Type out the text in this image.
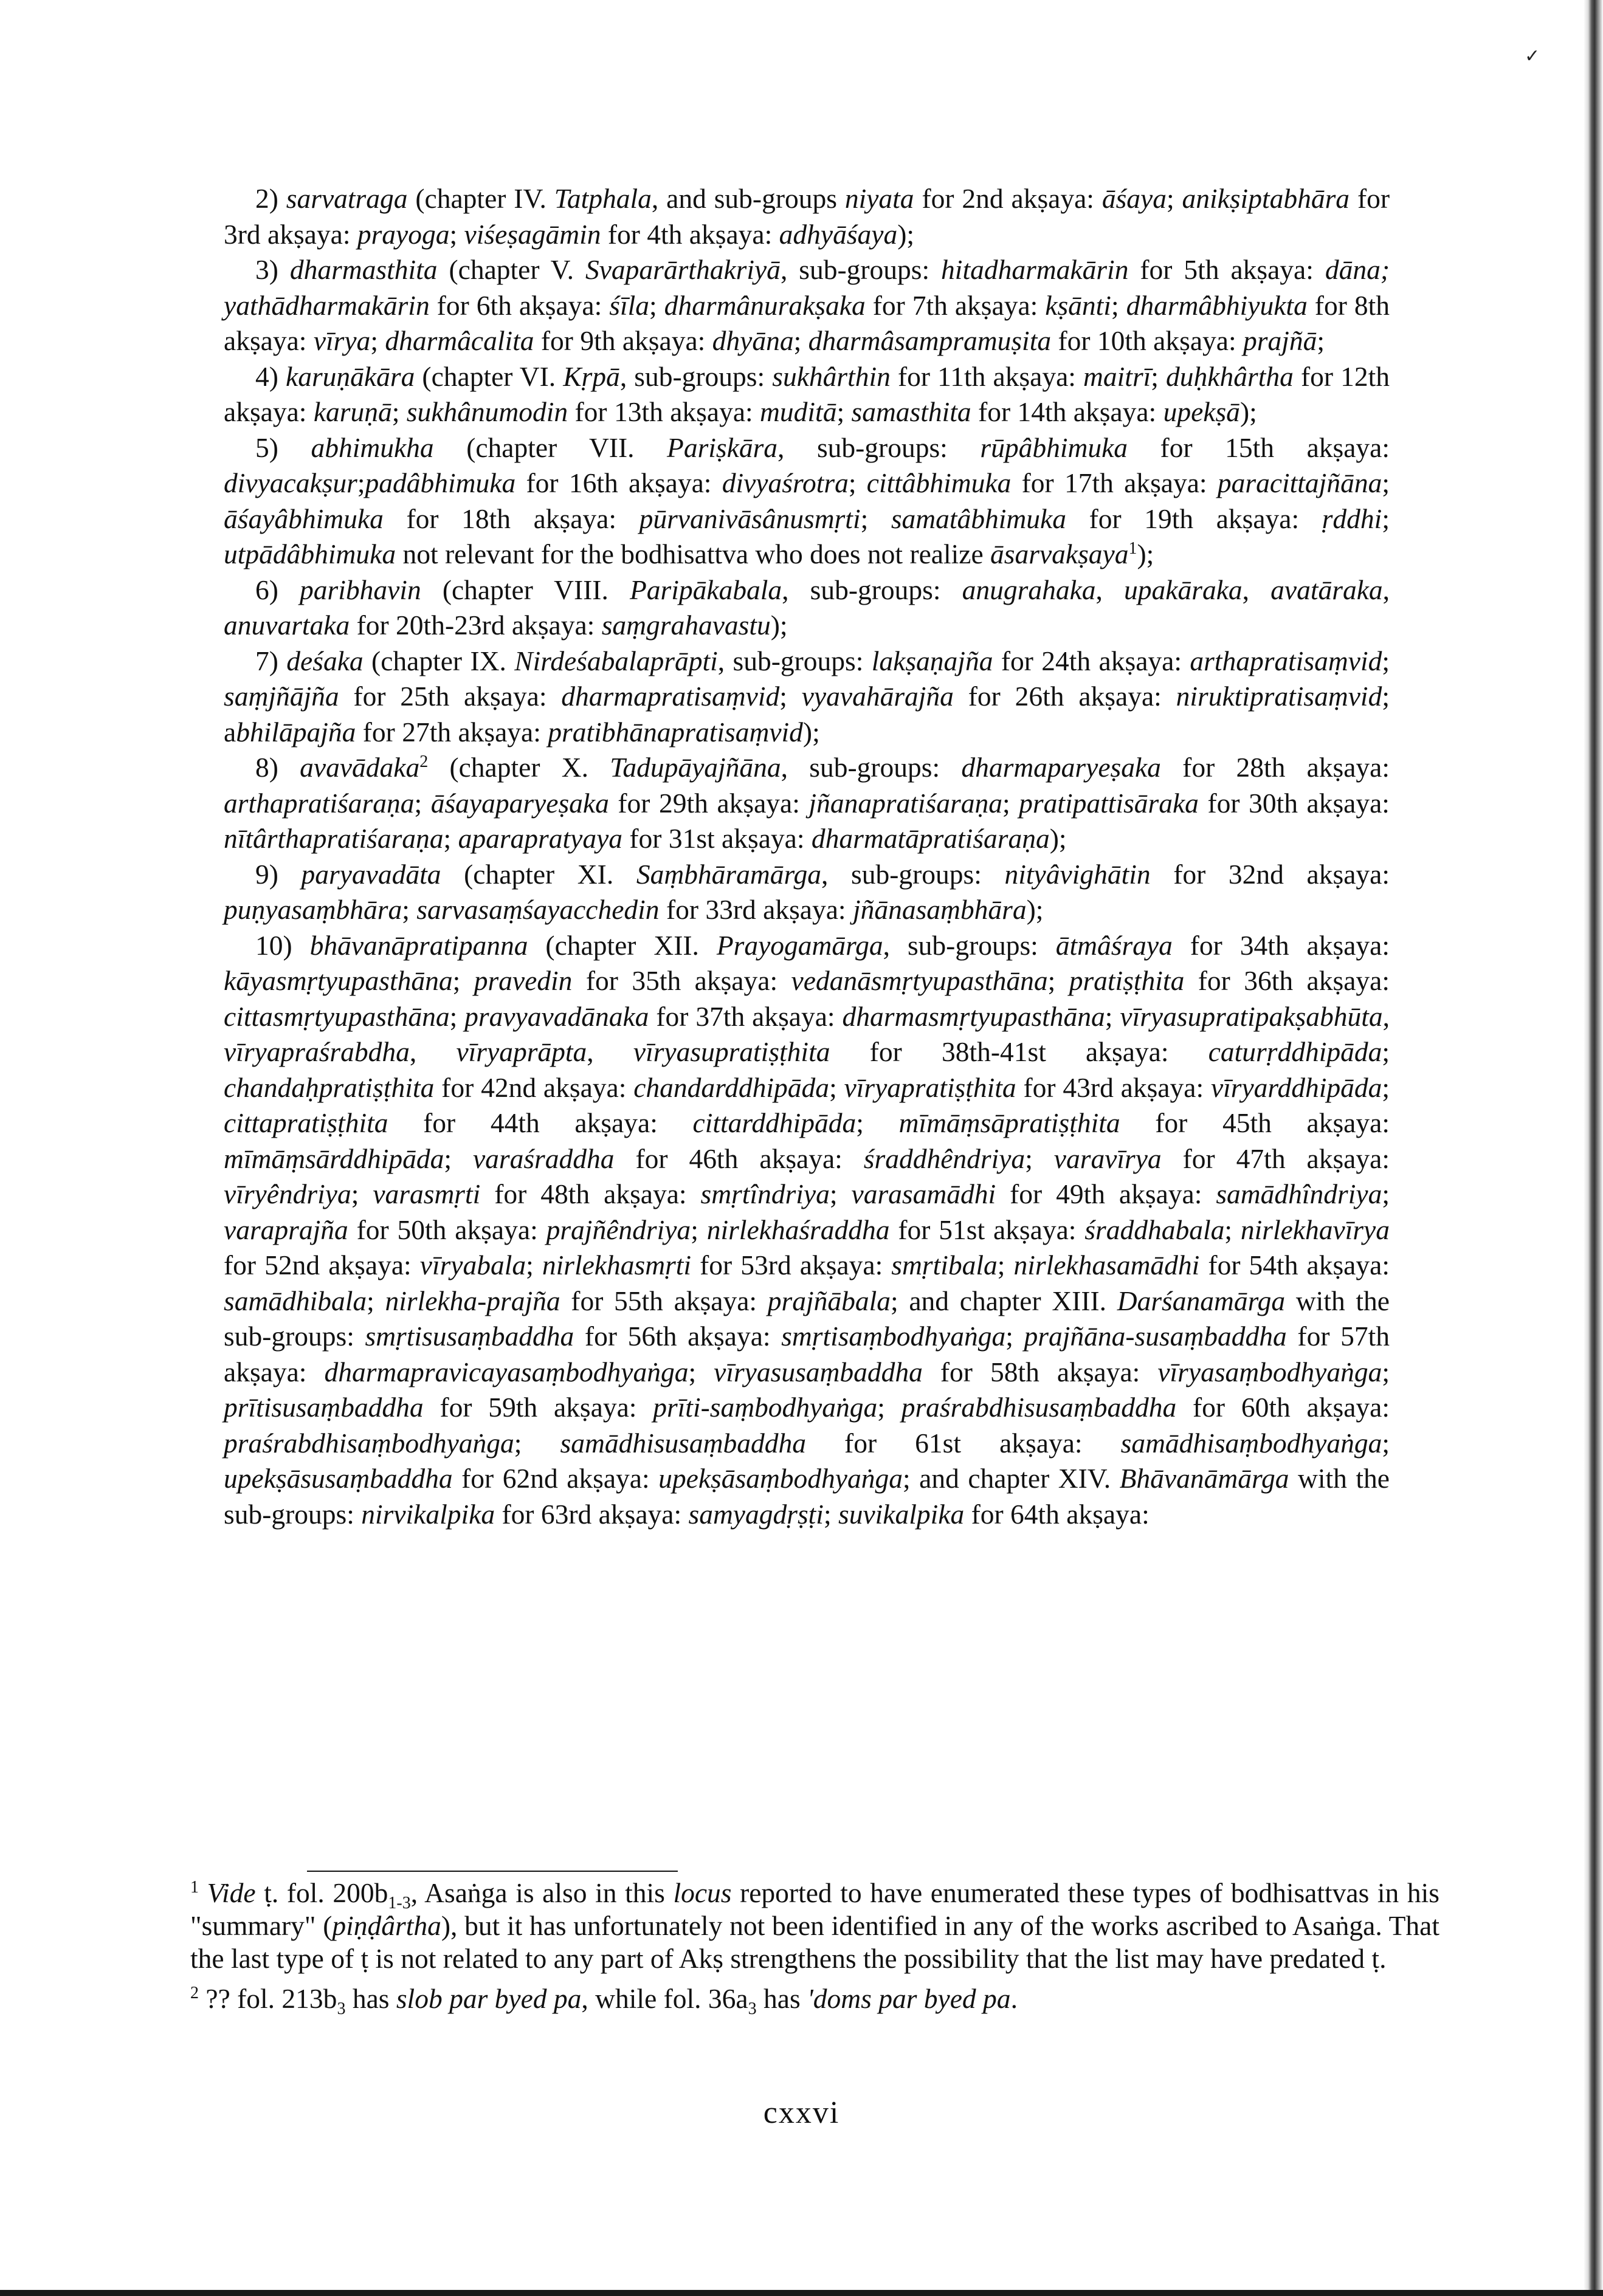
✓

2) sarvatraga (chapter IV. Tatphala, and sub-groups niyata for 2nd akṣaya: āśaya; anikṣiptabhāra for 3rd akṣaya: prayoga; viśeṣagāmin for 4th akṣaya: adhyāśaya);

3) dharmasthita (chapter V. Svaparārthakriyā, sub-groups: hitadharmakārin for 5th akṣaya: dāna; yathādharmakārin for 6th akṣaya: śīla; dharmânurakṣaka for 7th akṣaya: kṣānti; dharmâbhiyukta for 8th akṣaya: vīrya; dharmâcalita for 9th akṣaya: dhyāna; dharmâsampramuṣita for 10th akṣaya: prajñā;

4) karuṇākāra (chapter VI. Kṛpā, sub-groups: sukhârthin for 11th akṣaya: maitrī; duḥkhârtha for 12th akṣaya: karuṇā; sukhânumodin for 13th akṣaya: muditā; samasthita for 14th akṣaya: upekṣā);

5) abhimukha (chapter VII. Pariṣkāra, sub-groups: rūpâbhimuka for 15th akṣaya: divyacakṣur;padâbhimuka for 16th akṣaya: divyaśrotra; cittâbhimuka for 17th akṣaya: paracittajñāna; āśayâbhimuka for 18th akṣaya: pūrvanivāsânusmṛti; samatâbhimuka for 19th akṣaya: ṛddhi; utpādâbhimuka not relevant for the bodhisattva who does not realize āsarvakṣaya$^1$);

6) paribhavin (chapter VIII. Paripākabala, sub-groups: anugrahaka, upakāraka, avatāraka, anuvartaka for 20th-23rd akṣaya: saṃgrahavastu);

7) deśaka (chapter IX. Nirdeśabalaprāpti, sub-groups: lakṣaṇajña for 24th akṣaya: arthapratisaṃvid; saṃjñājña for 25th akṣaya: dharmapratisaṃvid; vyavahārajña for 26th akṣaya: niruktipratisaṃvid; abhilāpajña for 27th akṣaya: pratibhānapratisaṃvid);

8) avavādaka$^2$ (chapter X. Tadupāyajñāna, sub-groups: dharmaparyeṣaka for 28th akṣaya: arthapratiśaraṇa; āśayaparyeṣaka for 29th akṣaya: jñanapratiśaraṇa; pratipattisāraka for 30th akṣaya: nītârthapratiśaraṇa; aparapratyaya for 31st akṣaya: dharmatāpratiśaraṇa);

9) paryavadāta (chapter XI. Saṃbhāramārga, sub-groups: nityâvighātin for 32nd akṣaya: puṇyasaṃbhāra; sarvasaṃśayacchedin for 33rd akṣaya: jñānasaṃbhāra);

10) bhāvanāpratipanna (chapter XII. Prayogamārga, sub-groups: ātmâśraya for 34th akṣaya: kāyasmṛtyupasthāna; pravedin for 35th akṣaya: vedanāsmṛtyupasthāna; pratiṣṭhita for 36th akṣaya: cittasmṛtyupasthāna; pravyavadānaka for 37th akṣaya: dharmasmṛtyupasthāna; vīryasupratipakṣabhūta, vīryapraśrabdha, vīryaprāpta, vīryasupratiṣṭhita for 38th-41st akṣaya: caturṛddhipāda; chandaḥpratiṣṭhita for 42nd akṣaya: chandarddhipāda; vīryapratiṣṭhita for 43rd akṣaya: vīryarddhipāda; cittapratiṣṭhita for 44th akṣaya: cittarddhipāda; mīmāṃsāpratiṣṭhita for 45th akṣaya: mīmāṃsārddhipāda; varaśraddha for 46th akṣaya: śraddhêndriya; varavīrya for 47th akṣaya: vīryêndriya; varasmṛti for 48th akṣaya: smṛtîndriya; varasamādhi for 49th akṣaya: samādhîndriya; varaprajña for 50th akṣaya: prajñêndriya; nirlekhaśraddha for 51st akṣaya: śraddhabala; nirlekhavīrya for 52nd akṣaya: vīryabala; nirlekhasmṛti for 53rd akṣaya: smṛtibala; nirlekhasamādhi for 54th akṣaya: samādhibala; nirlekha-prajña for 55th akṣaya: prajñābala; and chapter XIII. Darśanamārga with the sub-groups: smṛtisusaṃbaddha for 56th akṣaya: smṛtisaṃbodhyaṅga; prajñāna-susaṃbaddha for 57th akṣaya: dharmapravicayasaṃbodhyaṅga; vīryasusaṃbaddha for 58th akṣaya: vīryasaṃbodhyaṅga; prītisusaṃbaddha for 59th akṣaya: prīti-saṃbodhyaṅga; praśrabdhisusaṃbaddha for 60th akṣaya: praśrabdhisaṃbodhyaṅga; samādhisusaṃbaddha for 61st akṣaya: samādhisaṃbodhyaṅga; upekṣāsusaṃbaddha for 62nd akṣaya: upekṣāsaṃbodhyaṅga; and chapter XIV. Bhāvanāmārga with the sub-groups: nirvikalpika for 63rd akṣaya: samyagdṛṣṭi; suvikalpika for 64th akṣaya:

$^1$ Vide ṭ. fol. $200b_{1-3}$, Asaṅga is also in this locus reported to have enumerated these types of bodhisattvas in his "summary" (piṇḍârtha), but it has unfortunately not been identified in any of the works ascribed to Asaṅga. That the last type of ṭ is not related to any part of Akṣ strengthens the possibility that the list may have predated ṭ.

$^2$ ?? fol. $213b_3$ has slob par byed pa, while fol. $36a_3$ has 'doms par byed pa.

cxxvi
